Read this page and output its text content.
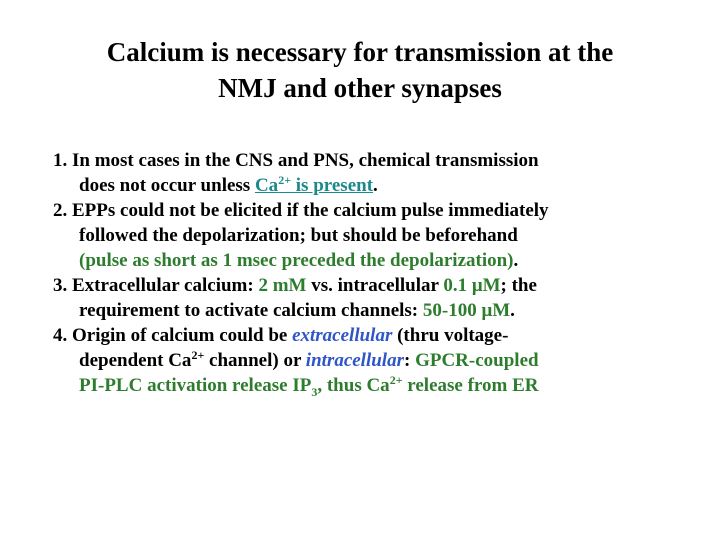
Calcium is necessary for transmission at the
NMJ and other synapses
1. In most cases in the CNS and PNS, chemical transmission
does not occur unless $Ca^{2+}$ is present.
2. EPPs could not be elicited if the calcium pulse immediately
followed the depolarization; but should be beforehand
(pulse as short as 1 msec preceded the depolarization).
3. Extracellular calcium: 2 mM vs. intracellular 0.1 μM; the
requirement to activate calcium channels: 50-100 μM.
4. Origin of calcium could be extracellular (thru voltage-
dependent $Ca^{2+}$ channel) or intracellular: GPCR-coupled
PI-PLC activation release $IP_3$, thus $Ca^{2+}$ release from ER
